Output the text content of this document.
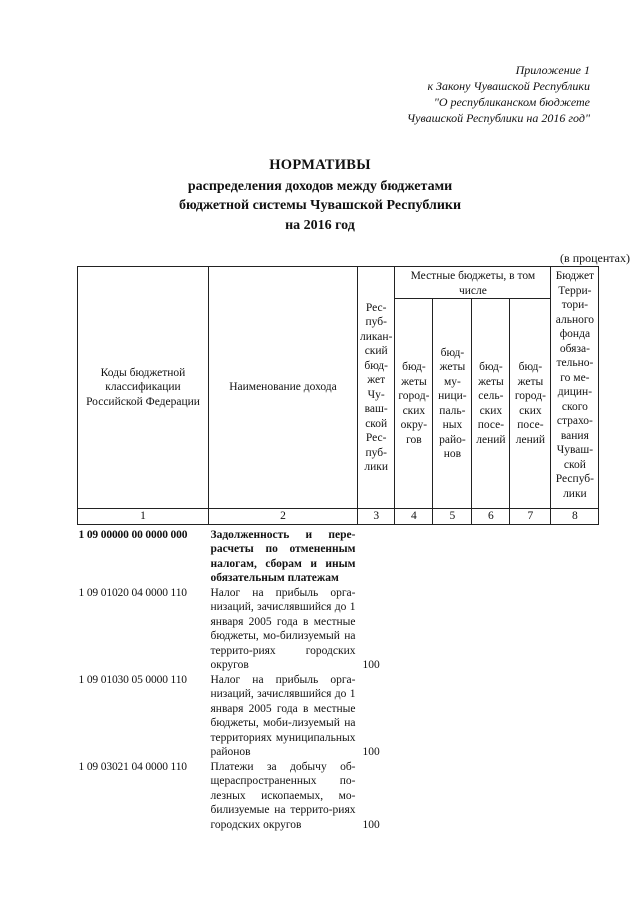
Приложение 1
к Закону Чувашской Республики
"О республиканском бюджете
Чувашской Республики на 2016 год"
НОРМАТИВЫ
распределения доходов между бюджетами
бюджетной системы Чувашской Республики
на 2016 год
(в процентах)
Коды бюджетной классификации Российской Федерации	Наименование дохода	Рес-пуб-ликан-ский бюд-жет Чу-ваш-ской Рес-пуб-лики	Местные бюджеты, в том числе				Бюджет Терри-тори-ального фонда обяза-тельно-го ме-дицин-ского страхо-вания Чуваш-ской Респуб-лики
			бюд-жеты город-ских окру-гов	бюд-жеты му-ници-паль-ных райо-нов	бюд-жеты сель-ских посе-лений	бюд-жеты город-ских посе-лений	
1	2	3	4	5	6	7	8
1 09 00000 00 0000 000	Задолженность и пере-расчеты по отмененным налогам, сборам и иным обязательным платежам						
1 09 01020 04 0000 110	Налог на прибыль орга-низаций, зачислявшийся до 1 января 2005 года в местные бюджеты, мо-билизуемый на террито-риях городских округов	100					
1 09 01030 05 0000 110	Налог на прибыль орга-низаций, зачислявшийся до 1 января 2005 года в местные бюджеты, моби-лизуемый на территориях муниципальных районов	100					
1 09 03021 04 0000 110	Платежи за добычу об-щераспространенных по-лезных ископаемых, мо-билизуемые на террито-риях городских округов	100					
